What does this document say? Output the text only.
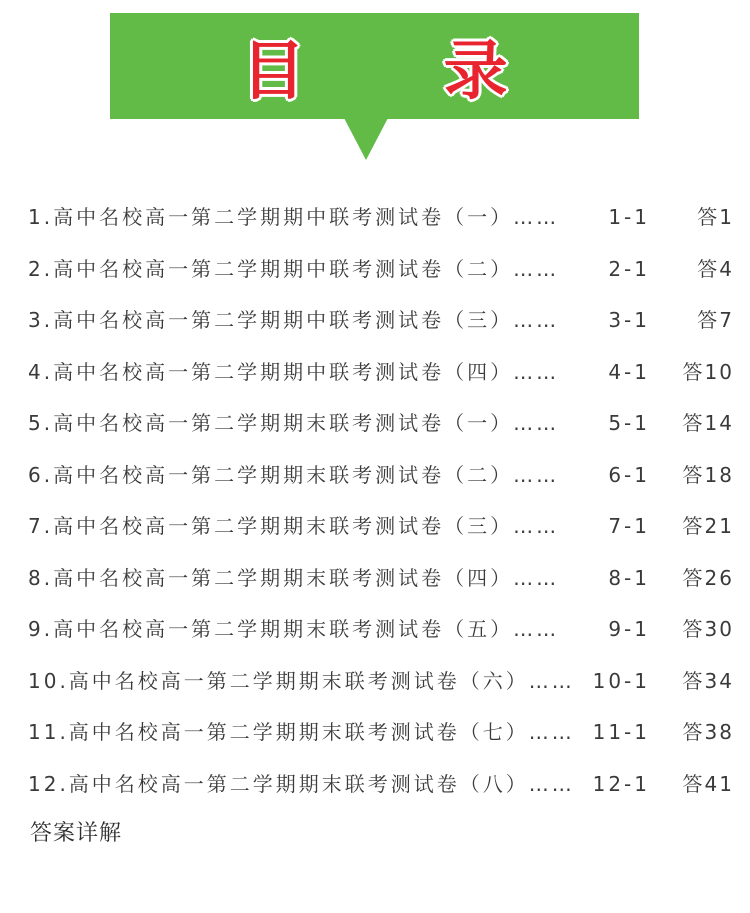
目 录
1.高中名校高一第二学期期中联考测试卷（一）…… 1-1 答1
2.高中名校高一第二学期期中联考测试卷（二）…… 2-1 答4
3.高中名校高一第二学期期中联考测试卷（三）…… 3-1 答7
4.高中名校高一第二学期期中联考测试卷（四）…… 4-1 答10
5.高中名校高一第二学期期末联考测试卷（一）…… 5-1 答14
6.高中名校高一第二学期期末联考测试卷（二）…… 6-1 答18
7.高中名校高一第二学期期末联考测试卷（三）…… 7-1 答21
8.高中名校高一第二学期期末联考测试卷（四）…… 8-1 答26
9.高中名校高一第二学期期末联考测试卷（五）…… 9-1 答30
10.高中名校高一第二学期期末联考测试卷（六）…… 10-1 答34
11.高中名校高一第二学期期末联考测试卷（七）…… 11-1 答38
12.高中名校高一第二学期期末联考测试卷（八）…… 12-1 答41
答案详解
